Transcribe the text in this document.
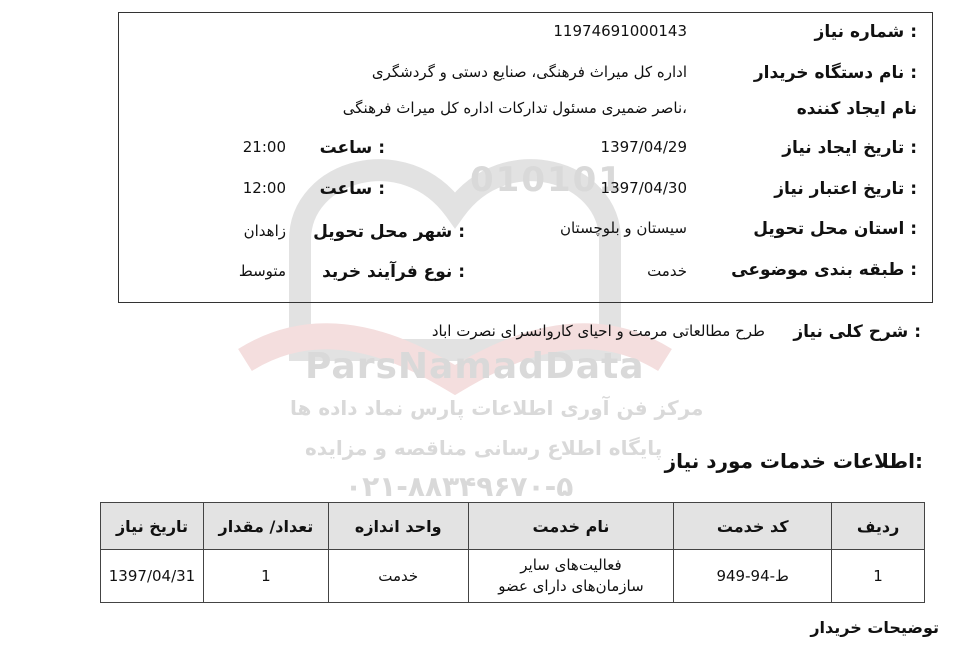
010101
ParsNamadData
مرکز فن آوری اطلاعات پارس نماد داده ها
پایگاه اطلاع رسانی مناقصه و مزایده
۰۲۱-۸۸۳۴۹۶۷۰-۵
شماره نیاز :
11974691000143
نام دستگاه خریدار :
اداره کل میراث فرهنگی، صنایع دستی و گردشگری
نام ایجاد کننده
ناصر ضمیری مسئول تدارکات اداره کل میراث فرهنگی،
تاریخ ایجاد نیاز :
1397/04/29
ساعت :
21:00
تاریخ اعتبار نیاز :
1397/04/30
ساعت :
12:00
استان محل تحویل :
سیستان و بلوچستان
شهر محل تحویل :
زاهدان
طبقه بندی موضوعی :
خدمت
نوع فرآیند خرید :
متوسط
شرح کلی نیاز :
طرح مطالعاتی مرمت و احیای کاروانسرای نصرت اباد
اطلاعات خدمات مورد نیاز:
ردیف	کد خدمت	نام خدمت	واحد اندازه	تعداد/ مقدار	تاریخ نیاز
1	ط-94-949	فعالیت‌های سایر
سازمان‌های دارای عضو	خدمت	1	1397/04/31
توضیحات خریدار
